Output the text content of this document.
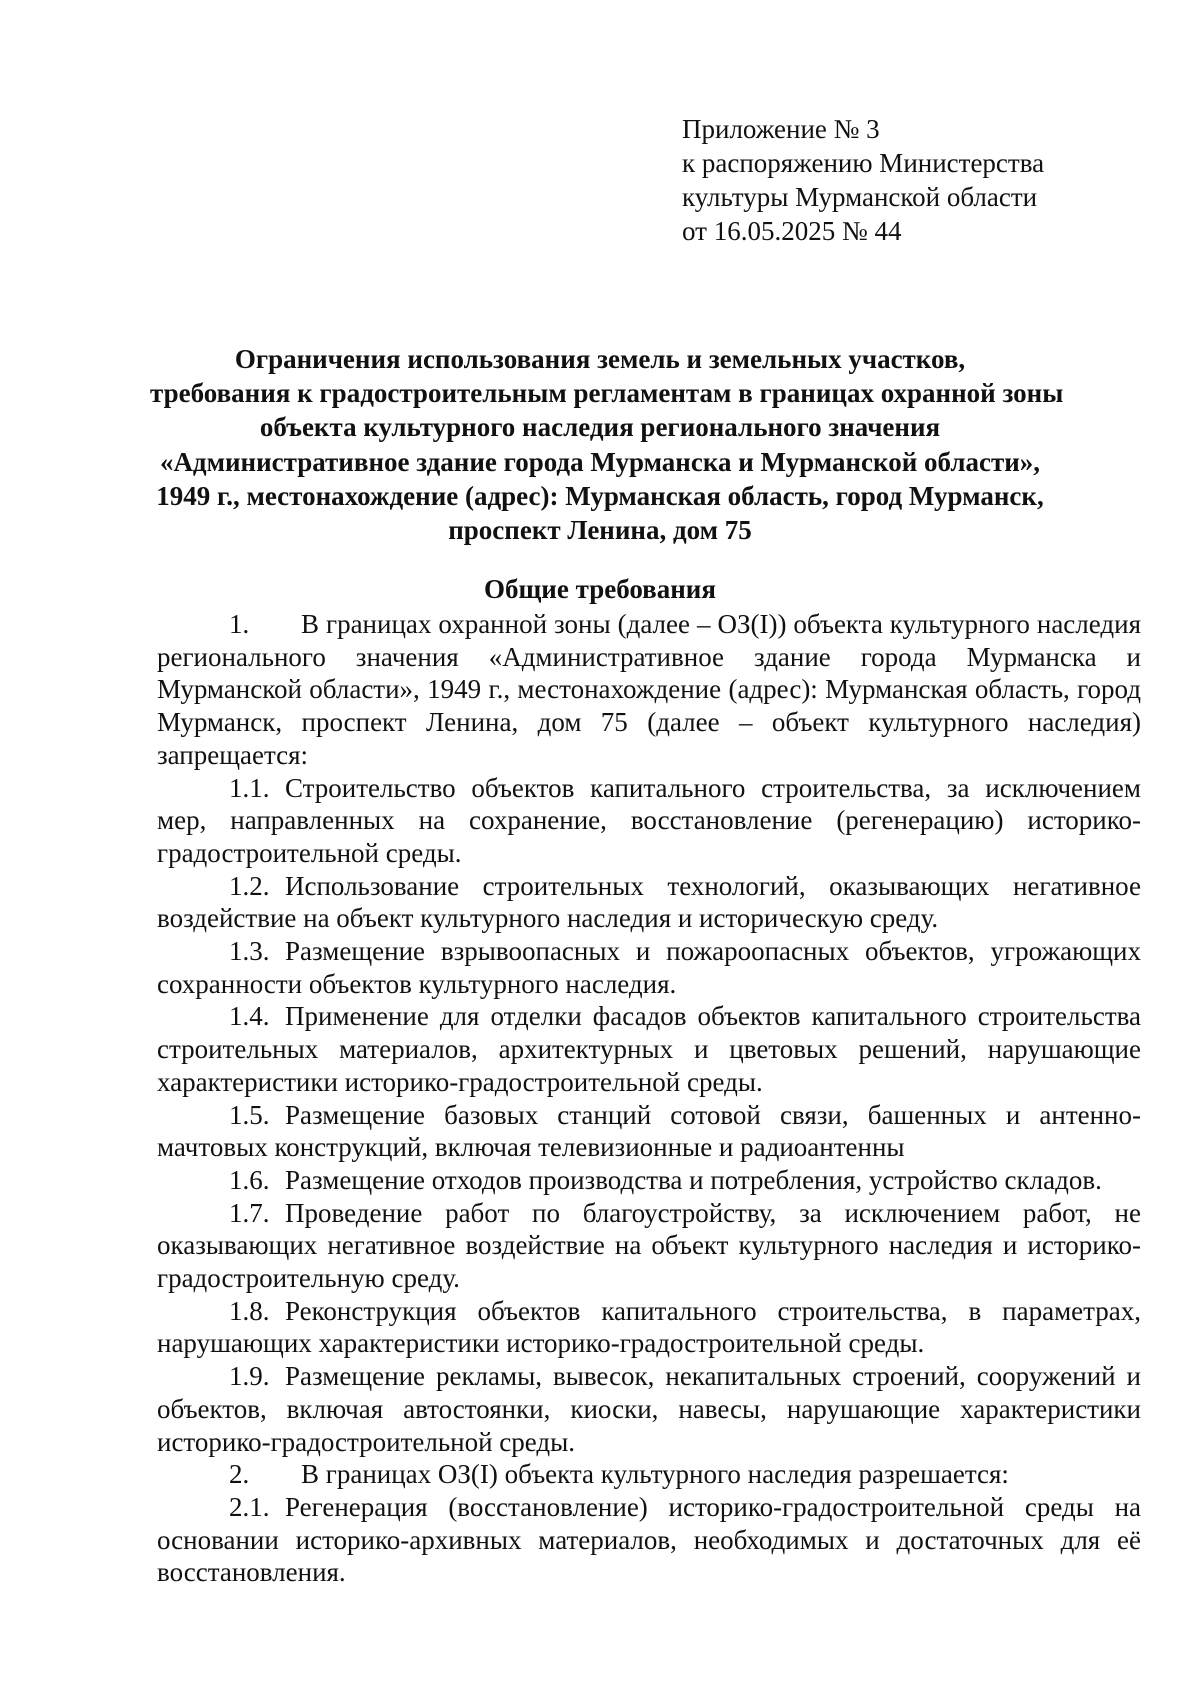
Приложение № 3
к распоряжению Министерства
культуры Мурманской области
от 16.05.2025 № 44
Ограничения использования земель и земельных участков,
требования к градостроительным регламентам в границах охранной зоны
объекта культурного наследия регионального значения
«Административное здание города Мурманска и Мурманской области»,
1949 г., местонахождение (адрес): Мурманская область, город Мурманск,
проспект Ленина, дом 75
Общие требования

1. В границах охранной зоны (далее – ОЗ(I)) объекта культурного наследия регионального значения «Административное здание города Мурманска и Мурманской области», 1949 г., местонахождение (адрес): Мурманская область, город Мурманск, проспект Ленина, дом 75 (далее – объект культурного наследия) запрещается:

1.1. Строительство объектов капитального строительства, за исключением мер, направленных на сохранение, восстановление (регенерацию) историко-градостроительной среды.

1.2. Использование строительных технологий, оказывающих негативное воздействие на объект культурного наследия и историческую среду.

1.3. Размещение взрывоопасных и пожароопасных объектов, угрожающих сохранности объектов культурного наследия.

1.4. Применение для отделки фасадов объектов капитального строительства строительных материалов, архитектурных и цветовых решений, нарушающие характеристики историко-градостроительной среды.

1.5. Размещение базовых станций сотовой связи, башенных и антенно-мачтовых конструкций, включая телевизионные и радиоантенны

1.6. Размещение отходов производства и потребления, устройство складов.

1.7. Проведение работ по благоустройству, за исключением работ, не оказывающих негативное воздействие на объект культурного наследия и историко-градостроительную среду.

1.8. Реконструкция объектов капитального строительства, в параметрах, нарушающих характеристики историко-градостроительной среды.

1.9. Размещение рекламы, вывесок, некапитальных строений, сооружений и объектов, включая автостоянки, киоски, навесы, нарушающие характеристики историко-градостроительной среды.

2. В границах ОЗ(I) объекта культурного наследия разрешается:

2.1. Регенерация (восстановление) историко-градостроительной среды на основании историко-архивных материалов, необходимых и достаточных для её восстановления.
